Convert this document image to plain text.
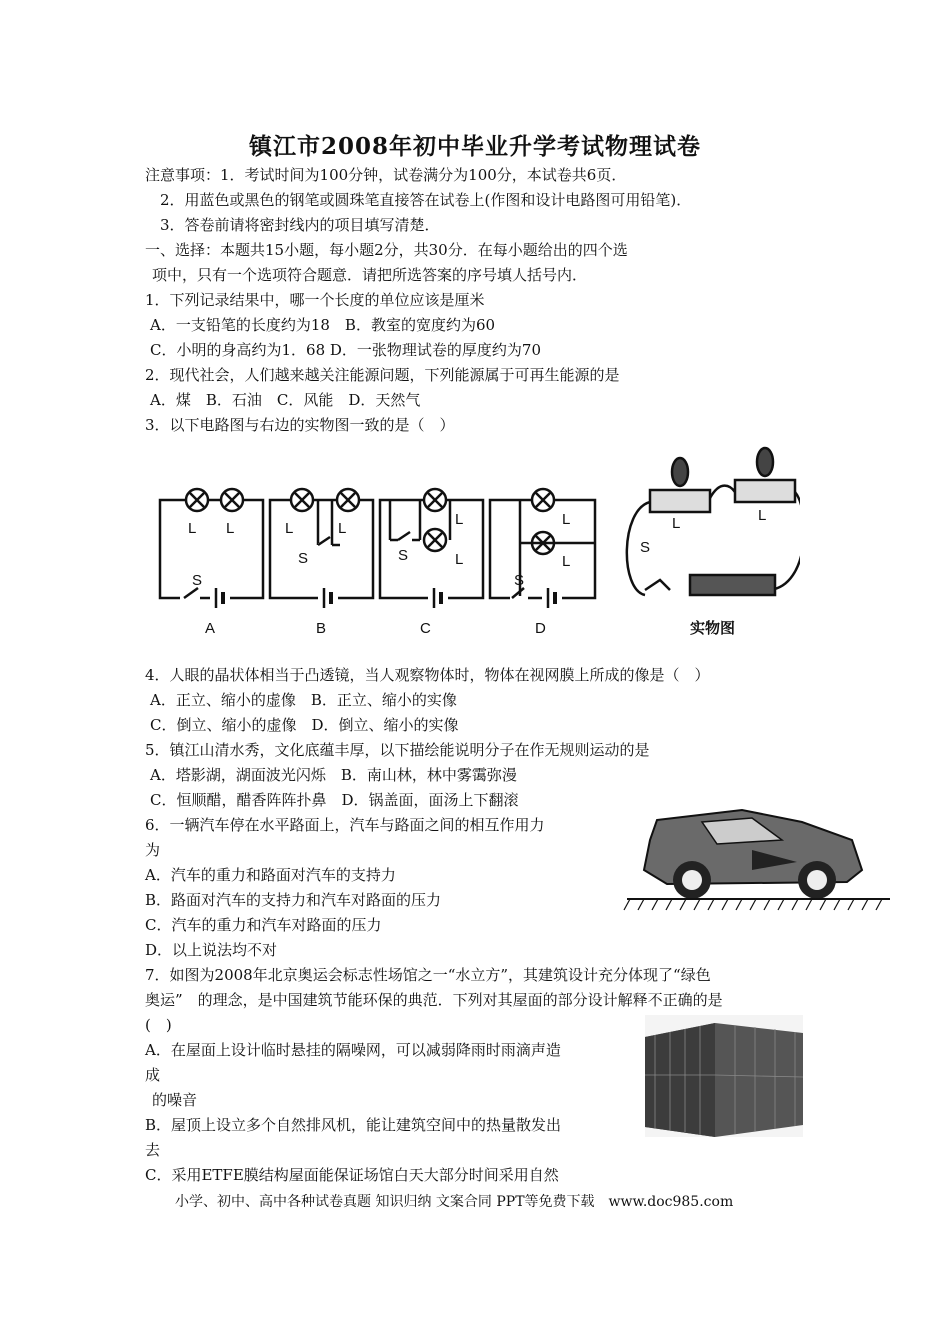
镇江市2008年初中毕业升学考试物理试卷
注意事项：1．考试时间为100分钟，试卷满分为100分，本试卷共6页．
2．用蓝色或黑色的钢笔或圆珠笔直接答在试卷上(作图和设计电路图可用铅笔)．
3．答卷前请将密封线内的项目填写清楚．
一、选择：本题共15小题，每小题2分，共30分．在每小题给出的四个选
项中，只有一个选项符合题意．请把所选答案的序号填人括号内．
1．下列记录结果中，哪一个长度的单位应该是厘米
A．一支铅笔的长度约为18　B．教室的宽度约为60
C．小明的身高约为1．68 D．一张物理试卷的厚度约为70
2．现代社会，人们越来越关注能源问题，下列能源属于可再生能源的是
A．煤　B．石油　C．风能　D．天然气
3．以下电路图与右边的实物图一致的是（　）
L L
S
L	L
S
L
L
S
L
L
S
L	L
S
A	B	C	D	实物图
4．人眼的晶状体相当于凸透镜，当人观察物体时，物体在视网膜上所成的像是（　）
A．正立、缩小的虚像　B．正立、缩小的实像
C．倒立、缩小的虚像　D．倒立、缩小的实像
5．镇江山清水秀，文化底蕴丰厚，以下描绘能说明分子在作无规则运动的是
A．塔影湖，湖面波光闪烁　B．南山林，林中雾霭弥漫
C．恒顺醋，醋香阵阵扑鼻　D．锅盖面，面汤上下翻滚
6．一辆汽车停在水平路面上，汽车与路面之间的相互作用力
为
A．汽车的重力和路面对汽车的支持力
B．路面对汽车的支持力和汽车对路面的压力
C．汽车的重力和汽车对路面的压力
D．以上说法均不对
7．如图为2008年北京奥运会标志性场馆之一“水立方”，其建筑设计充分体现了“绿色
奥运”　的理念，是中国建筑节能环保的典范．下列对其屋面的部分设计解释不正确的是
(　)
A．在屋面上设计临时悬挂的隔噪网，可以减弱降雨时雨滴声造
成
的噪音
B．屋顶上设立多个自然排风机，能让建筑空间中的热量散发出
去
C．采用ETFE膜结构屋面能保证场馆白天大部分时间采用自然
小学、初中、高中各种试卷真题 知识归纳 文案合同 PPT等免费下载　www.doc985.com
